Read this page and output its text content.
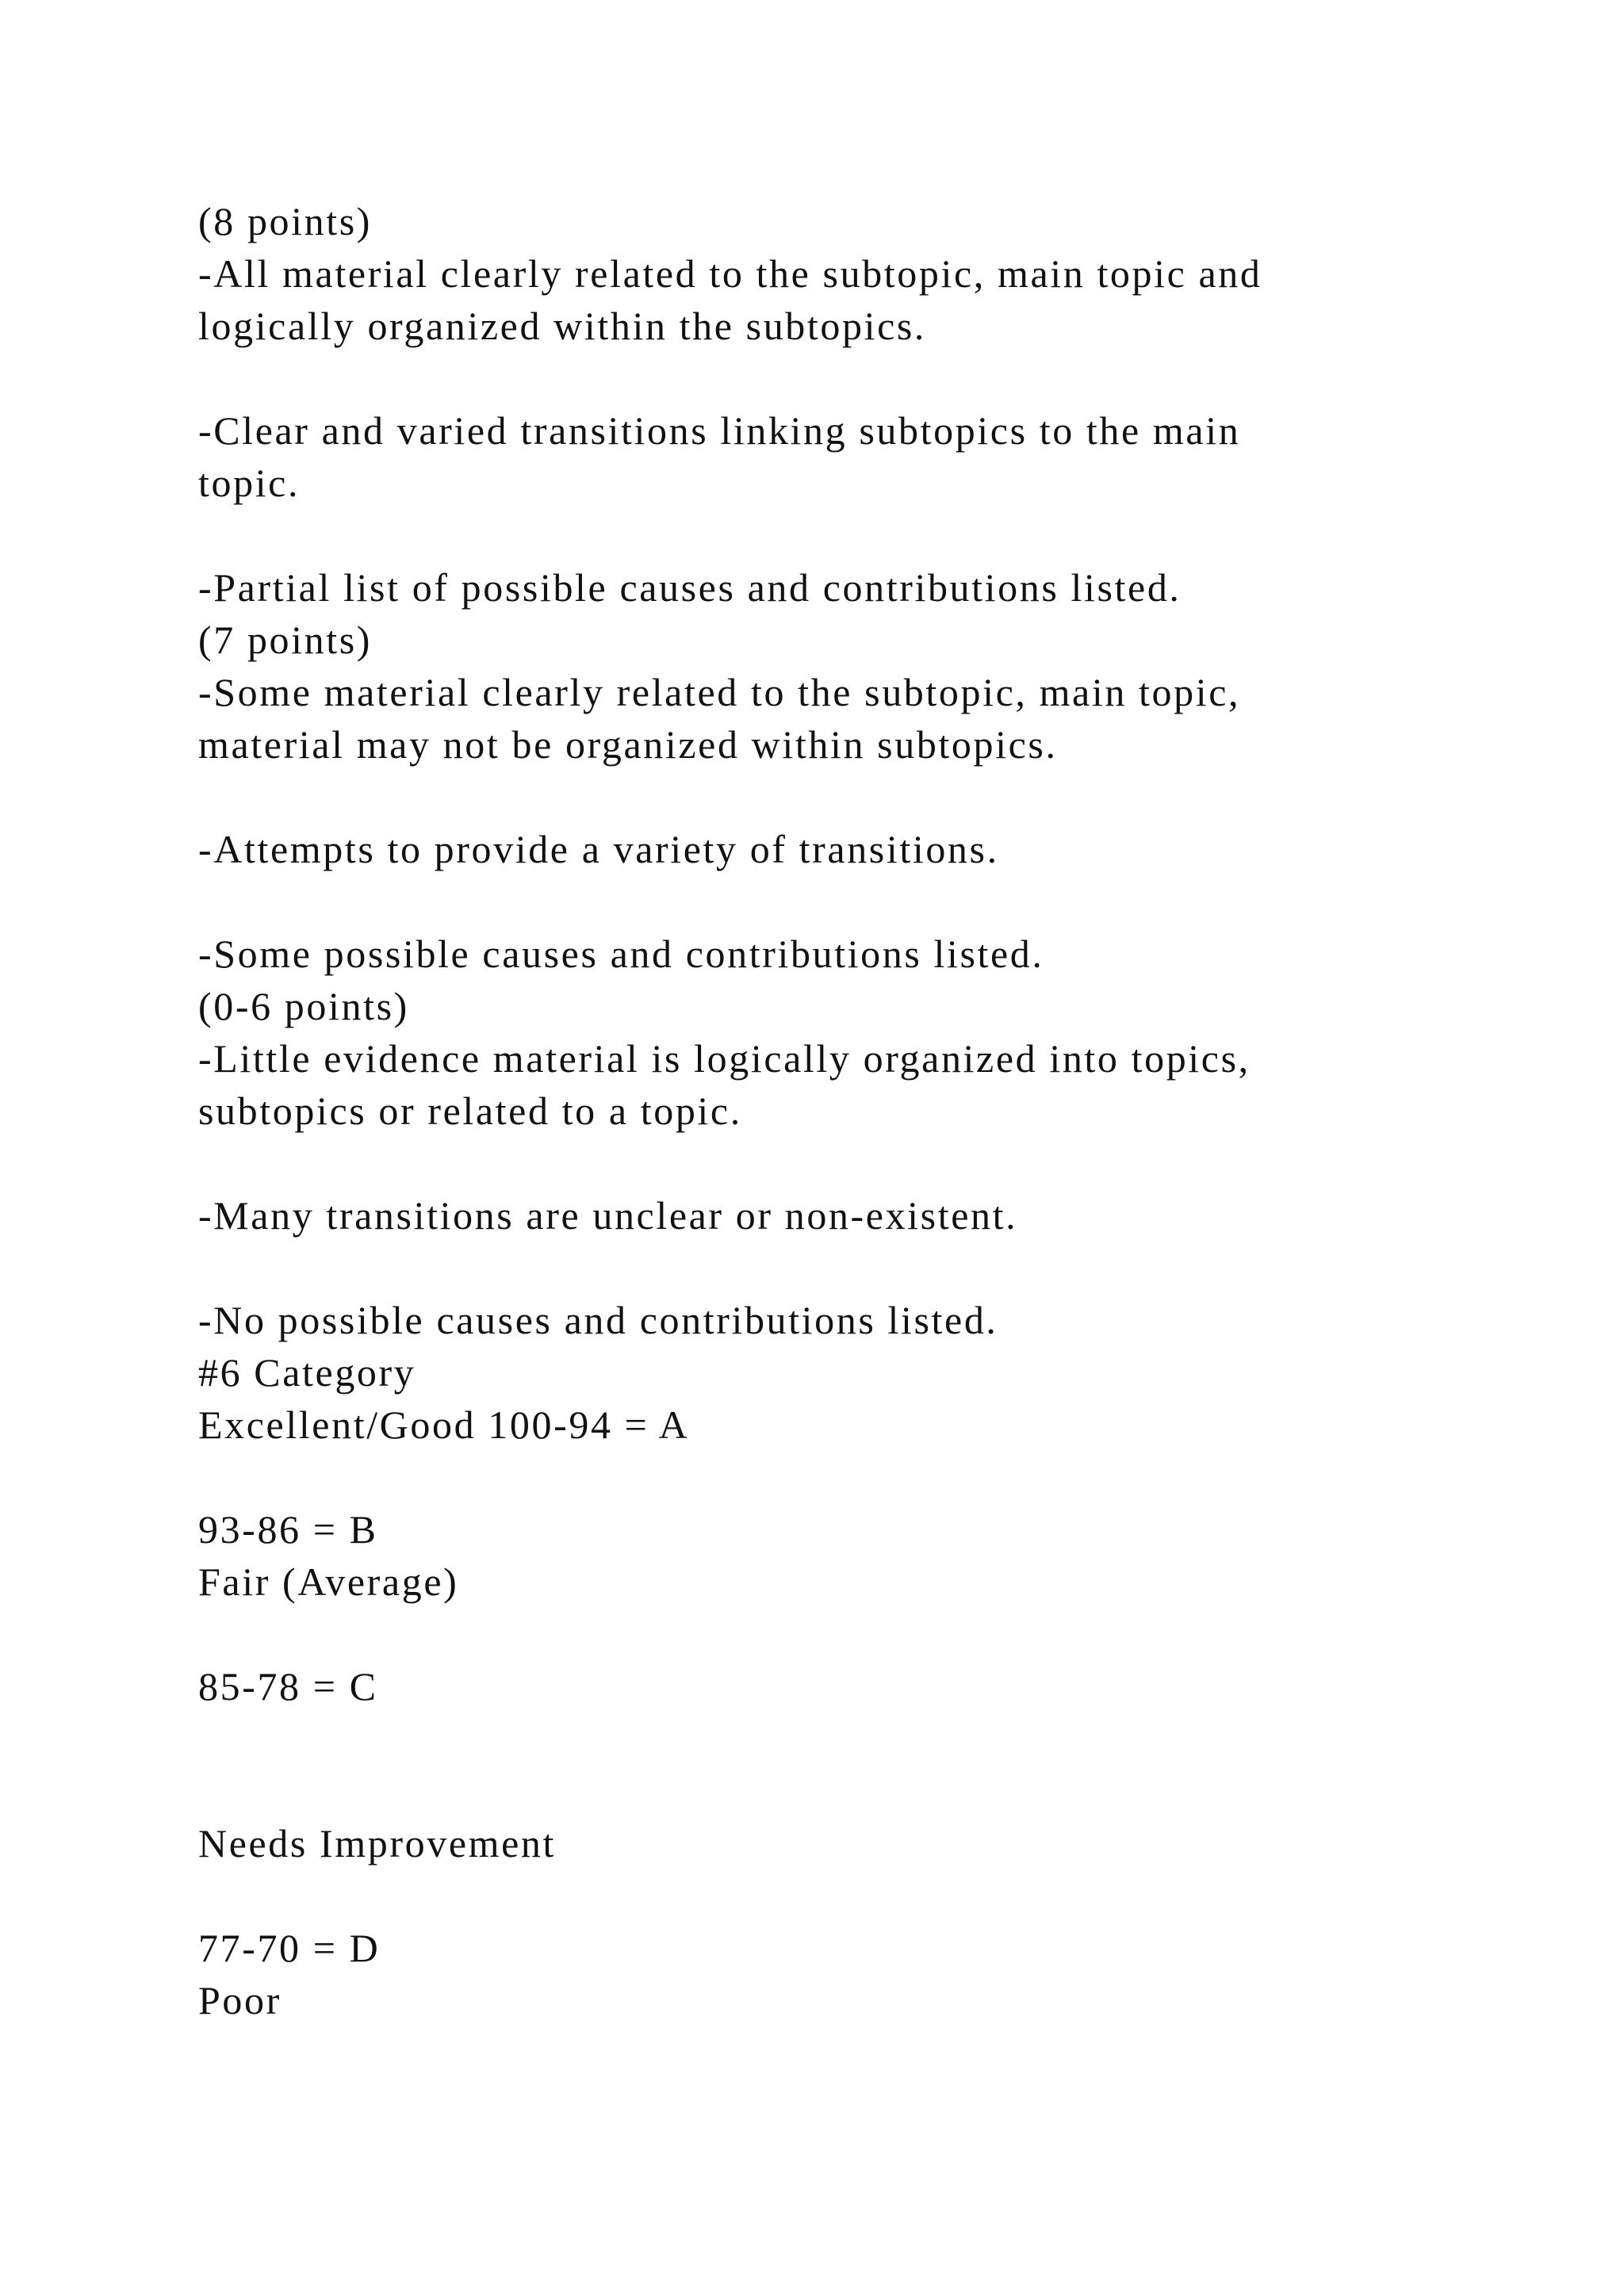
(8 points)
-All material clearly related to the subtopic, main topic and
logically organized within the subtopics.
-Clear and varied transitions linking subtopics to the main
topic.
-Partial list of possible causes and contributions listed.
(7 points)
-Some material clearly related to the subtopic, main topic,
material may not be organized within subtopics.
-Attempts to provide a variety of transitions.
-Some possible causes and contributions listed.
(0-6 points)
-Little evidence material is logically organized into topics,
subtopics or related to a topic.
-Many transitions are unclear or non-existent.
-No possible causes and contributions listed.
#6 Category
Excellent/Good 100-94 = A
93-86 = B
Fair (Average)
85-78 = C
Needs Improvement
77-70 = D
Poor
